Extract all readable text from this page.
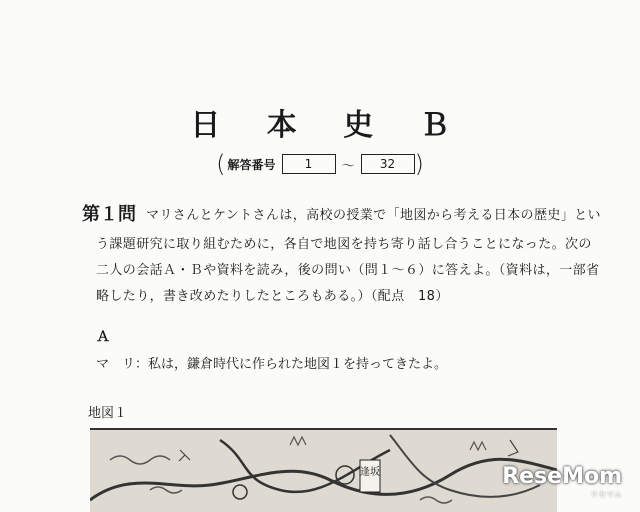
日 本 史 Ｂ
( 解答番号	1	～	32 )
第１問 マリさんとケントさんは，高校の授業で「地図から考える日本の歴史」とい
う課題研究に取り組むために，各自で地図を持ち寄り話し合うことになった。次の
二人の会話Ａ・Ｂや資料を読み，後の問い（問１～６）に答えよ。（資料は，一部省
略したり，書き改めたりしたところもある。）（配点　18）
Ａ
マ　リ：私は，鎌倉時代に作られた地図１を持ってきたよ。
地図１
逢坂	ReseMom
リセマム
